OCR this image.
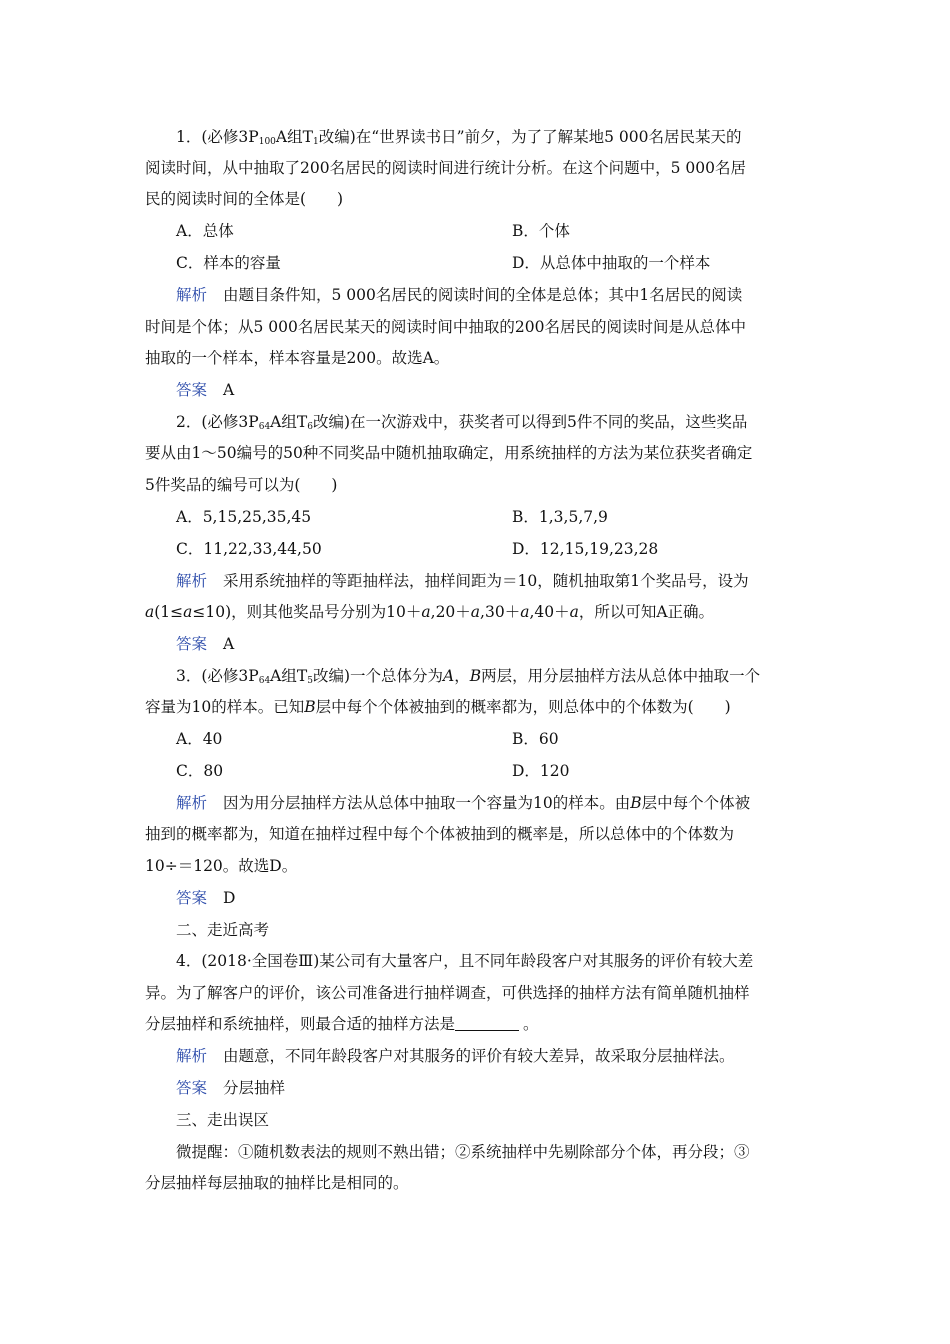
1．(必修$3P_{100}A$组$T_1$改编)在“世界读书日”前夕，为了了解某地5 000名居民某天的
阅读时间，从中抽取了200名居民的阅读时间进行统计分析。在这个问题中，5 000名居
民的阅读时间的全体是(　　)
A．总体	B．个体
C．样本的容量	D．从总体中抽取的一个样本
解析 由题目条件知，5 000名居民的阅读时间的全体是总体；其中1名居民的阅读
时间是个体；从5 000名居民某天的阅读时间中抽取的200名居民的阅读时间是从总体中
抽取的一个样本，样本容量是200。故选A。
答案 A
2．(必修$3P_{64}A$组$T_6$改编)在一次游戏中，获奖者可以得到5件不同的奖品，这些奖品
要从由1～50编号的50种不同奖品中随机抽取确定，用系统抽样的方法为某位获奖者确定
5件奖品的编号可以为(　　)
A．5,15,25,35,45	B．1,3,5,7,9
C．11,22,33,44,50	D．12,15,19,23,28
解析 采用系统抽样的等距抽样法，抽样间距为＝10，随机抽取第1个奖品号，设为
a(1≤a≤10)，则其他奖品号分别为10＋a,20＋a,30＋a,40＋a，所以可知A正确。
答案 A
3．(必修$3P_{64}A$组$T_5$改编)一个总体分为A，B两层，用分层抽样方法从总体中抽取一个
容量为10的样本。已知B层中每个个体被抽到的概率都为，则总体中的个体数为(　　)
A．40	B．60
C．80	D．120
解析 因为用分层抽样方法从总体中抽取一个容量为10的样本。由B层中每个个体被
抽到的概率都为，知道在抽样过程中每个个体被抽到的概率是，所以总体中的个体数为
10÷＝120。故选D。
答案 D
二、走近高考
4．(2018·全国卷Ⅲ)某公司有大量客户，且不同年龄段客户对其服务的评价有较大差
异。为了解客户的评价，该公司准备进行抽样调查，可供选择的抽样方法有简单随机抽样
分层抽样和系统抽样，则最合适的抽样方法是	。
解析 由题意，不同年龄段客户对其服务的评价有较大差异，故采取分层抽样法。
答案 分层抽样
三、走出误区
微提醒：①随机数表法的规则不熟出错；②系统抽样中先剔除部分个体，再分段；③
分层抽样每层抽取的抽样比是相同的。
